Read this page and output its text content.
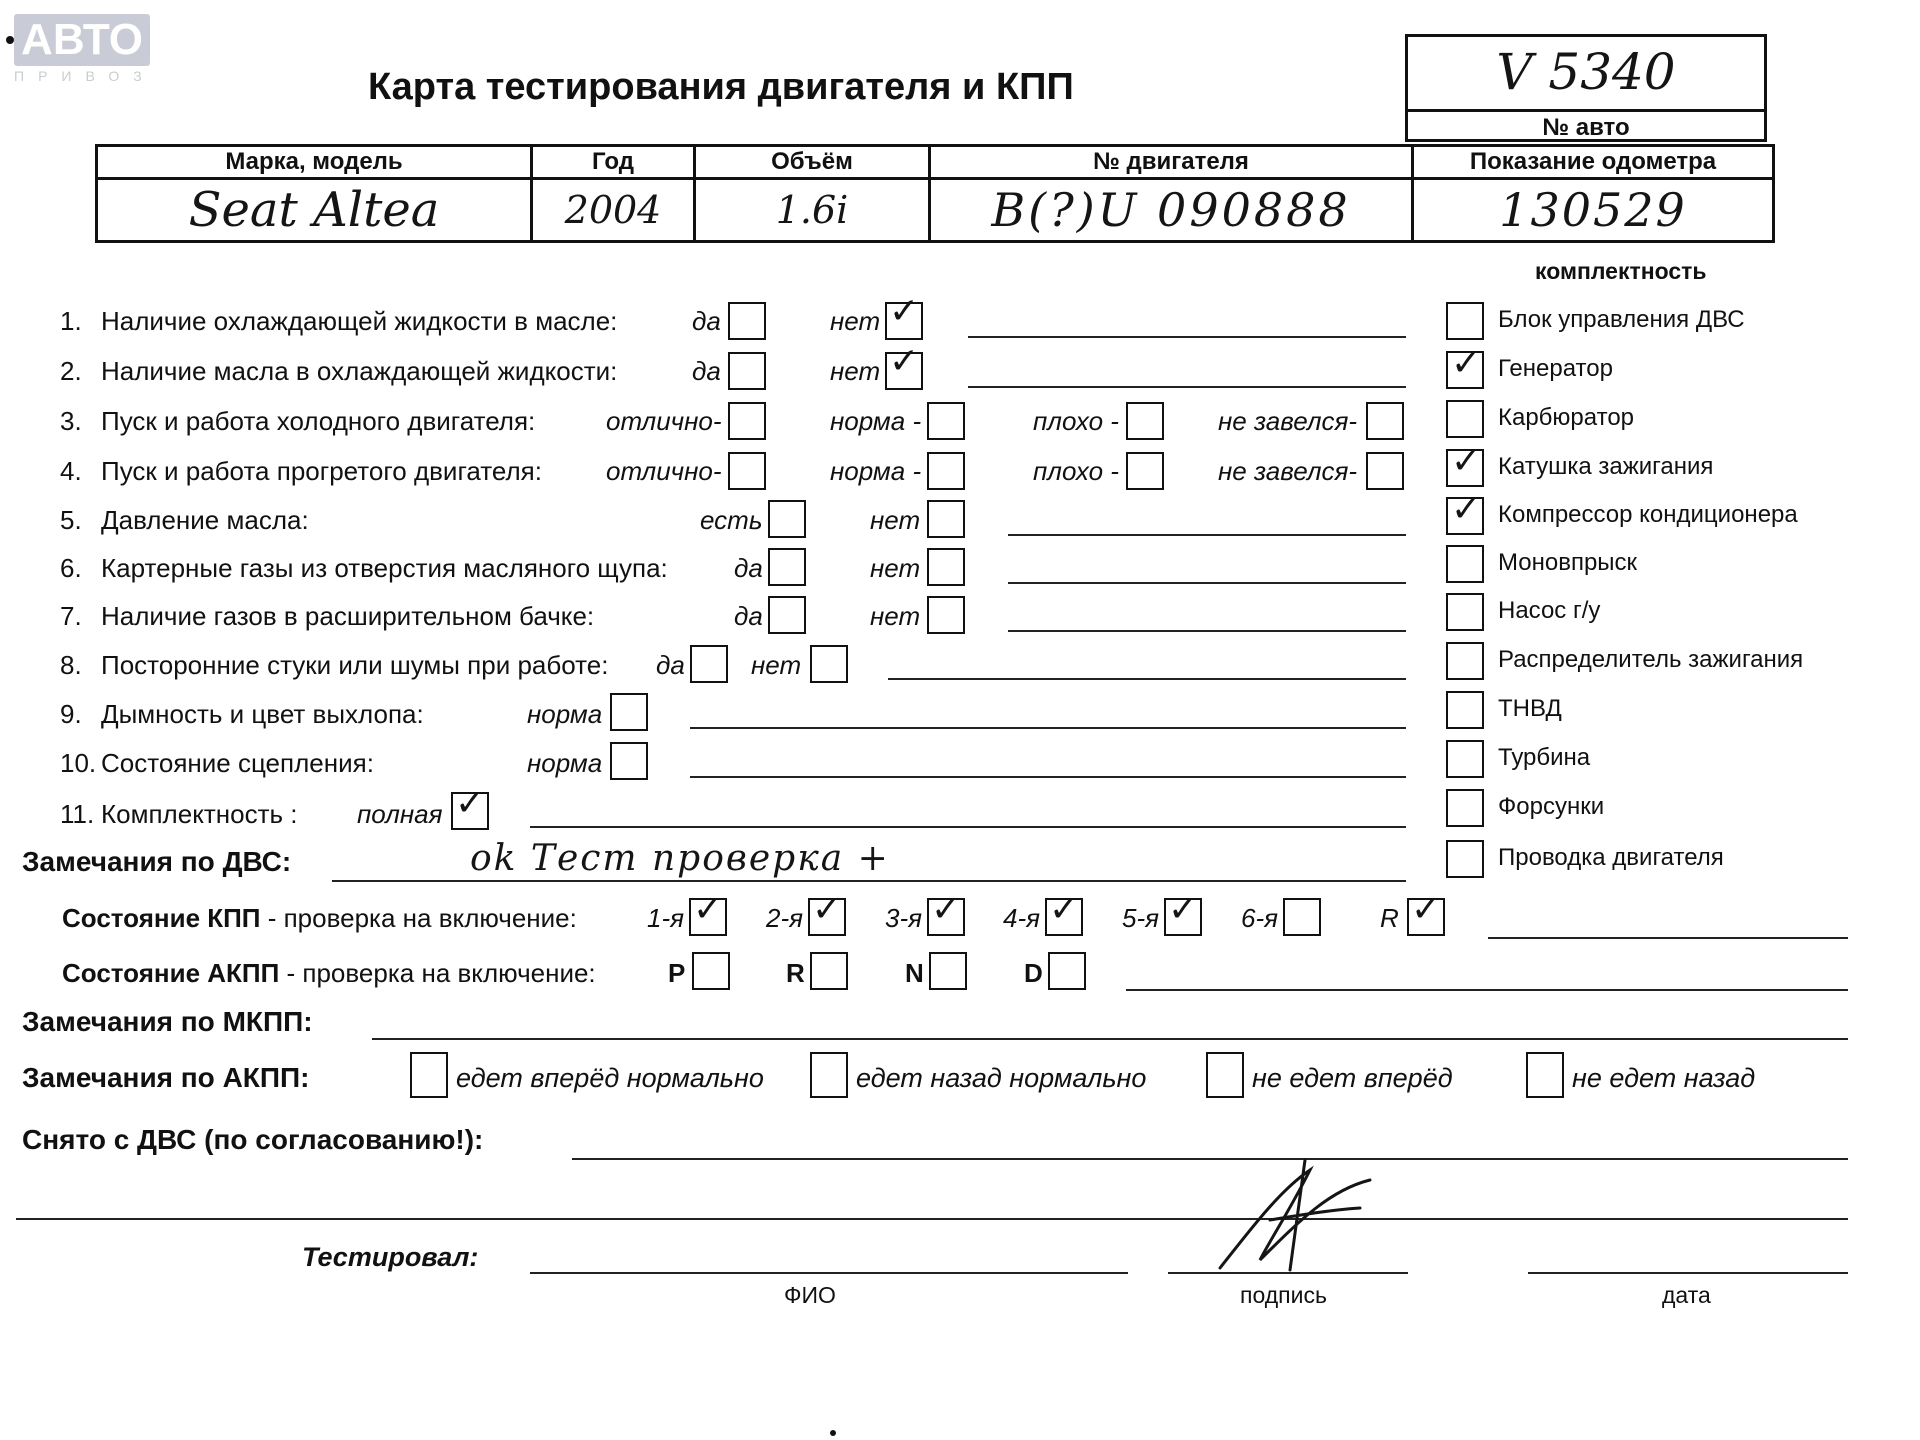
АВТО
ПРИВОЗ	Карта тестирования двигателя и КПП	V 5340
№ авто
Марка, модель	Год	Объём	№ двигателя	Показание одометра
Seat Altea	2004	1.6i	B(?)U 090888	130529
комплектность
1. Наличие охлаждающей жидкости в масле:	да	нет ✓
2. Наличие масла в охлаждающей жидкости:	да	нет ✓
3. Пуск и работа холодного двигателя:	отлично-	норма -	плохо -	не завелся-
4. Пуск и работа прогретого двигателя: отлично-	норма -	плохо -	не завелся-
5. Давление масла:	есть	нет
6. Картерные газы из отверстия масляного щупа:	да	нет
7. Наличие газов в расширительном бачке:	да	нет
8. Посторонние стуки или шумы при работе: да	нет
9. Дымность и цвет выхлопа:	норма
10. Состояние сцепления:	норма
11. Комплектность : полная ✓
Блок управления ДВС
✓ Генератор
Карбюратор
✓ Катушка зажигания
✓ Компрессор кондиционера
Моновпрыск
Насос г/у
Распределитель зажигания
ТНВД
Турбина
Форсунки
Проводка двигателя
Замечания по ДВС:	ok Тест проверка +
Состояние КПП - проверка на включение:	1-я ✓ 2-я ✓ 3-я ✓ 4-я ✓ 5-я ✓ 6-я	R ✓
Состояние АКПП - проверка на включение:	P	R	N	D
Замечания по МКПП:
Замечания по АКПП:	едет вперёд нормально	едет назад нормально	не едет вперёд	не едет назад
Снято с ДВС (по согласованию!):
Тестировал:
ФИО	подпись	дата
